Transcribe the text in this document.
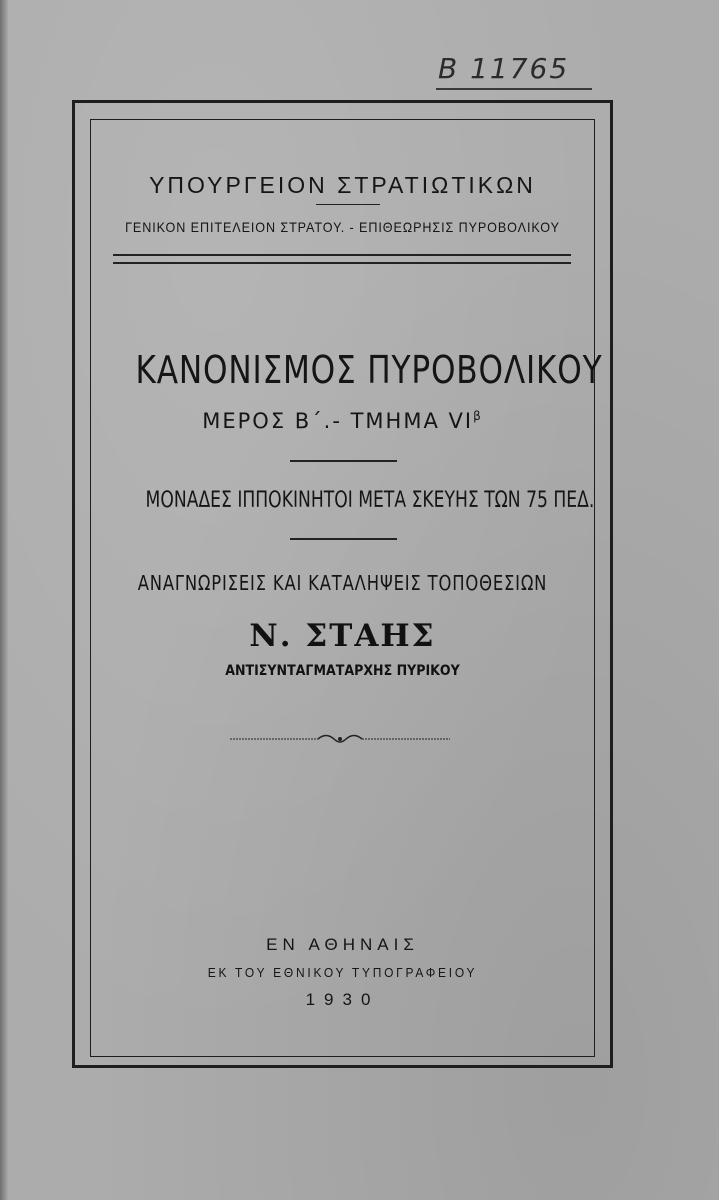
B 11765

ΥΠΟΥΡΓΕΙΟΝ ΣΤΡΑΤΙΩΤΙΚΩΝ

ΓΕΝΙΚΟΝ ΕΠΙΤΕΛΕΙΟΝ ΣΤΡΑΤΟΥ. - ΕΠΙΘΕΩΡΗΣΙΣ ΠΥΡΟΒΟΛΙΚΟΥ

ΚΑΝΟΝΙΣΜΟΣ ΠΥΡΟΒΟΛΙΚΟΥ

ΜΕΡΟΣ Β΄.- ΤΜΗΜΑ $VI^\beta$

ΜΟΝΑΔΕΣ ΙΠΠΟΚΙΝΗΤΟΙ ΜΕΤΑ ΣΚΕΥΗΣ ΤΩΝ 75 ΠΕΔ.

ΑΝΑΓΝΩΡΙΣΕΙΣ ΚΑΙ ΚΑΤΑΛΗΨΕΙΣ ΤΟΠΟΘΕΣΙΩΝ

Ν. ΣΤΑΗΣ

ΑΝΤΙΣΥΝΤΑΓΜΑΤΑΡΧΗΣ ΠΥΡΙΚΟΥ

ΕΝ ΑΘΗΝΑΙΣ

ΕΚ ΤΟΥ ΕΘΝΙΚΟΥ ΤΥΠΟΓΡΑΦΕΙΟΥ

1930
